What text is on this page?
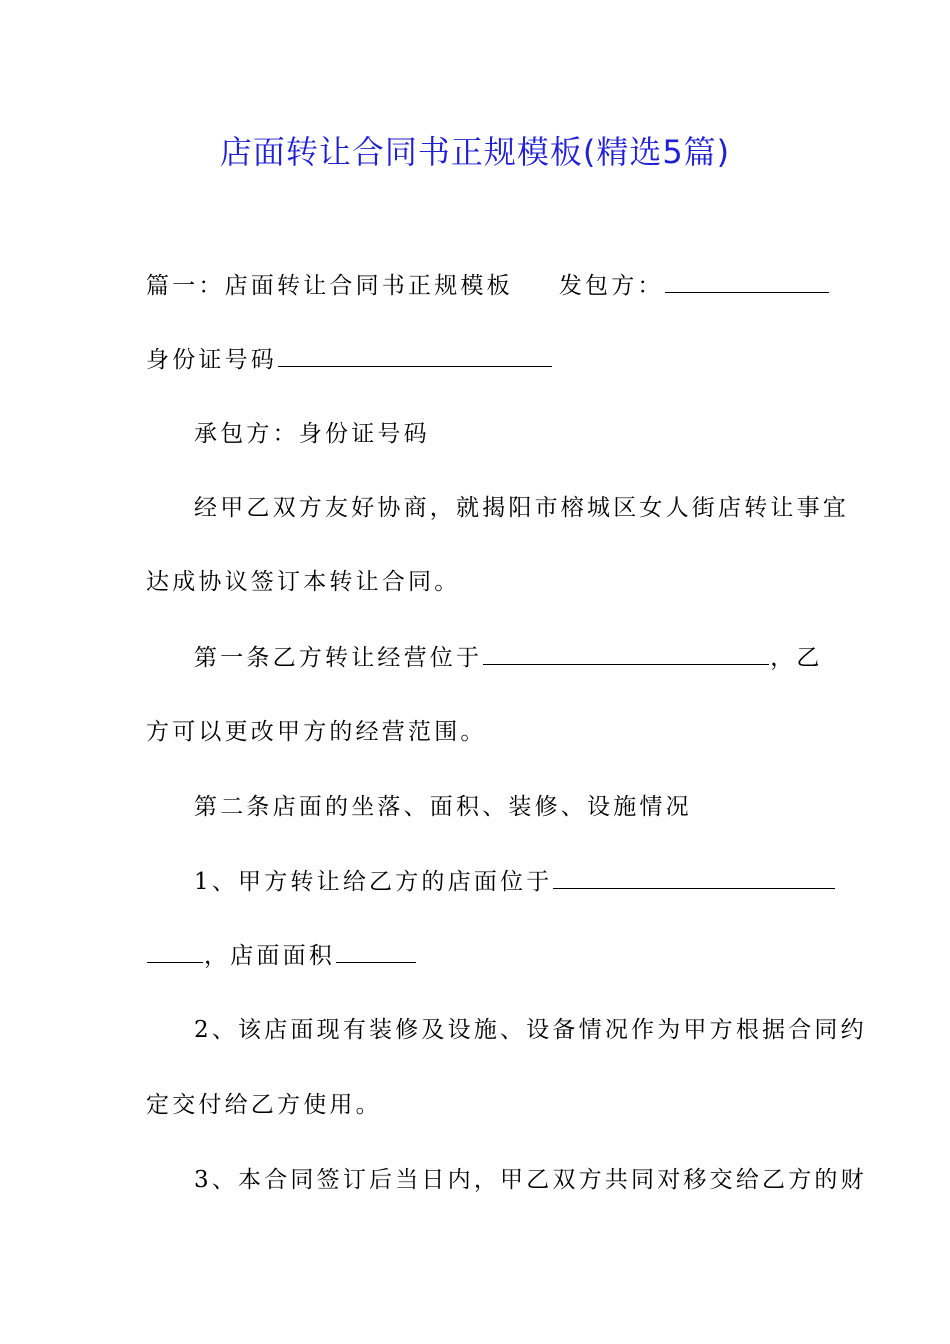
店面转让合同书正规模板(精选5篇)
篇一：店面转让合同书正规模板 发包方：
身份证号码
承包方：身份证号码
经甲乙双方友好协商，就揭阳市榕城区女人街店转让事宜
达成协议签订本转让合同。
第一条乙方转让经营位于	，乙
方可以更改甲方的经营范围。
第二条店面的坐落、面积、装修、设施情况
1、甲方转让给乙方的店面位于
，店面面积
2、该店面现有装修及设施、设备情况作为甲方根据合同约
定交付给乙方使用。
3、本合同签订后当日内，甲乙双方共同对移交给乙方的财
